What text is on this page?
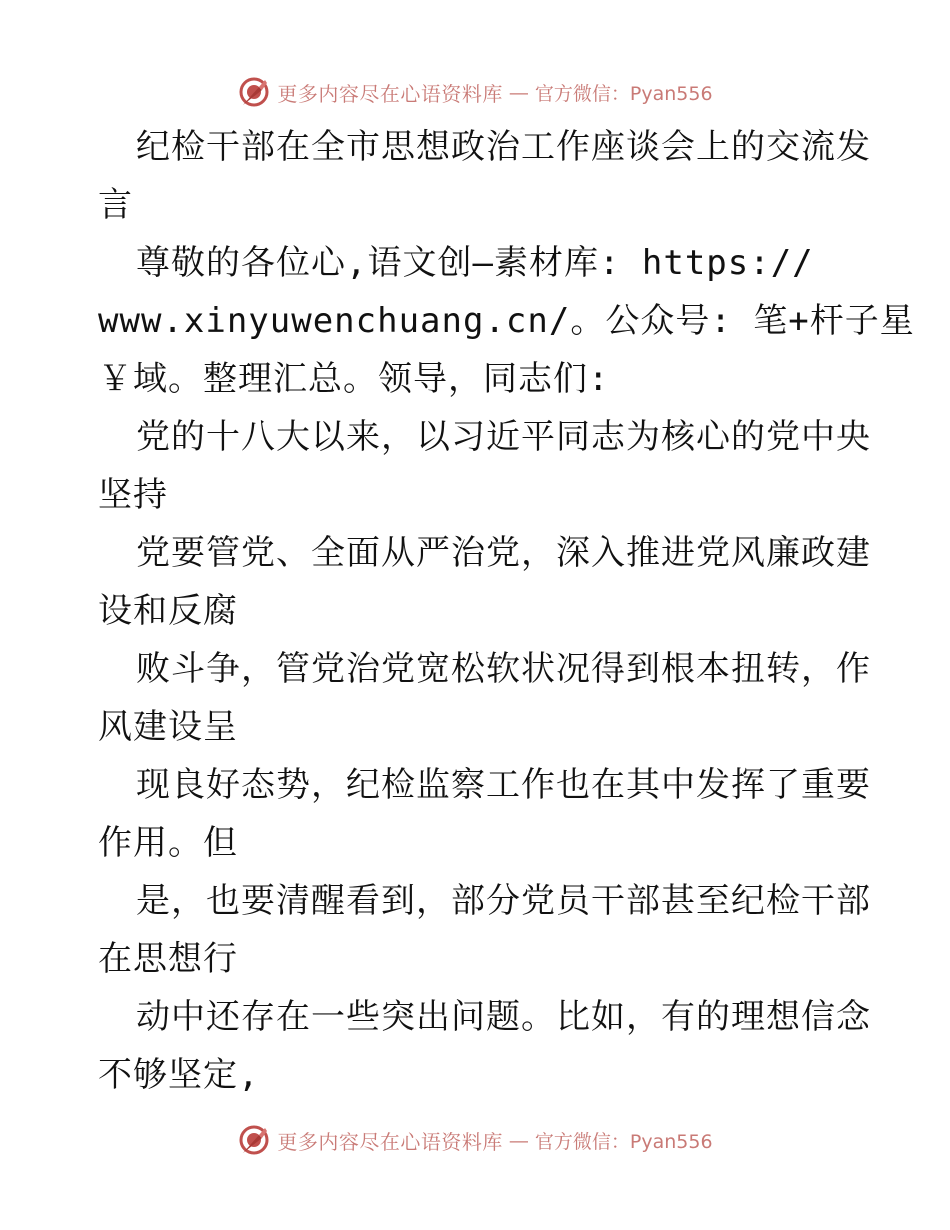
更多内容尽在心语资料库 — 官方微信：Pyan556
纪检干部在全市思想政治工作座谈会上的交流发
言
尊敬的各位心,语文创—素材库: https://
www.xinyuwenchuang.cn/。公众号: 笔+杆子星
￥域。整理汇总。领导，同志们:
党的十八大以来，以习近平同志为核心的党中央
坚持
党要管党、全面从严治党，深入推进党风廉政建
设和反腐
败斗争，管党治党宽松软状况得到根本扭转，作
风建设呈
现良好态势，纪检监察工作也在其中发挥了重要
作用。但
是，也要清醒看到，部分党员干部甚至纪检干部
在思想行
动中还存在一些突出问题。比如，有的理想信念
不够坚定,
更多内容尽在心语资料库 — 官方微信：Pyan556
